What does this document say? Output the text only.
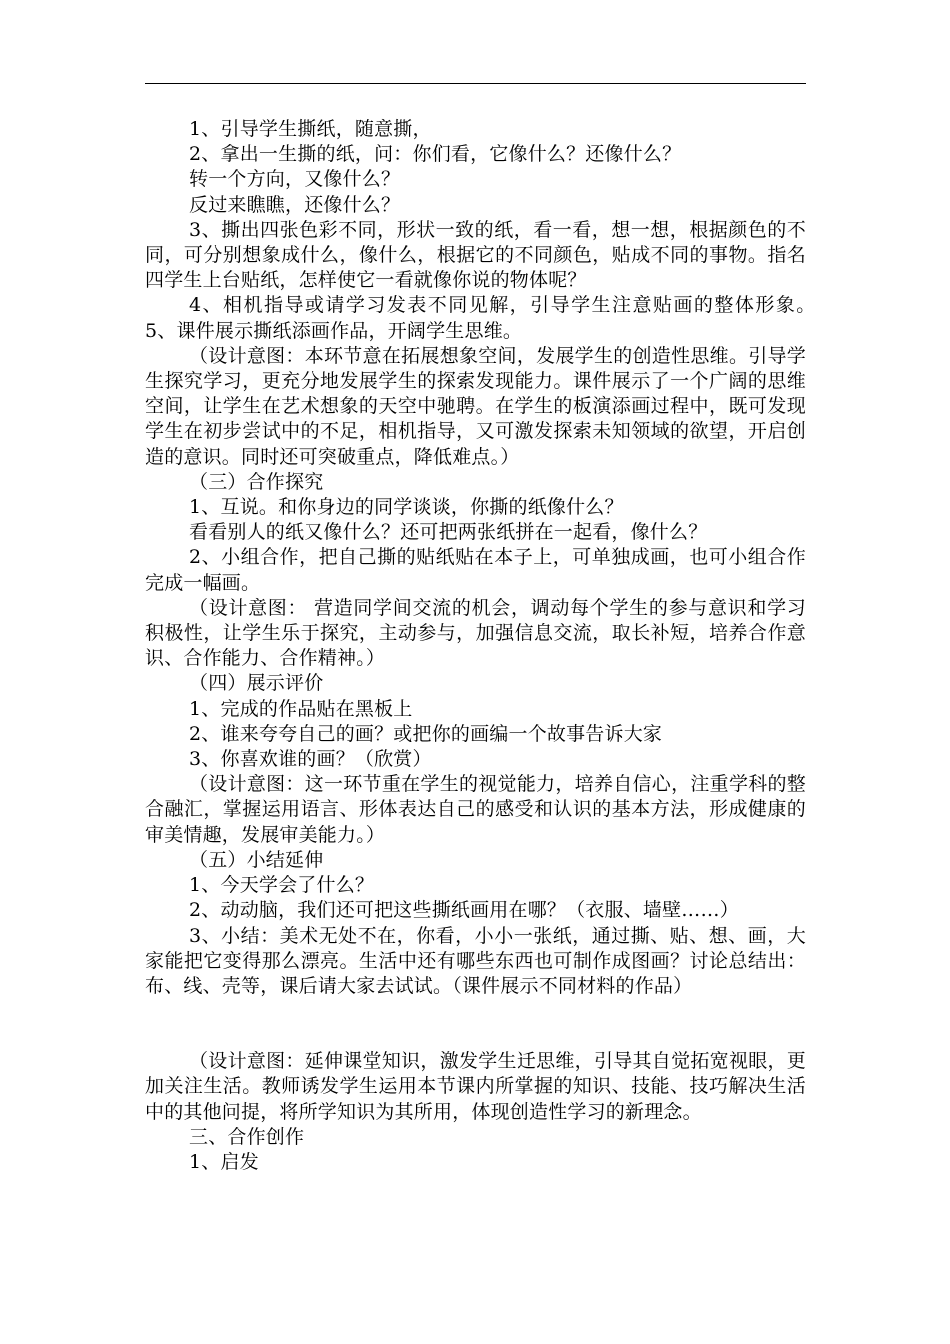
1、引导学生撕纸，随意撕，

2、拿出一生撕的纸，问：你们看，它像什么？还像什么？

转一个方向，又像什么？

反过来瞧瞧，还像什么？

3、撕出四张色彩不同，形状一致的纸，看一看，想一想，根据颜色的不同，可分别想象成什么，像什么，根据它的不同颜色，贴成不同的事物。指名四学生上台贴纸，怎样使它一看就像你说的物体呢？

4、相机指导或请学习发表不同见解，引导学生注意贴画的整体形象。　　5、课件展示撕纸添画作品，开阔学生思维。

（设计意图：本环节意在拓展想象空间，发展学生的创造性思维。引导学生探究学习，更充分地发展学生的探索发现能力。课件展示了一个广阔的思维空间，让学生在艺术想象的天空中驰聘。在学生的板演添画过程中，既可发现学生在初步尝试中的不足，相机指导，又可激发探索未知领域的欲望，开启创造的意识。同时还可突破重点，降低难点。）

（三）合作探究

1、互说。和你身边的同学谈谈，你撕的纸像什么？

看看别人的纸又像什么？还可把两张纸拼在一起看，像什么？

2、小组合作，把自己撕的贴纸贴在本子上，可单独成画，也可小组合作完成一幅画。

（设计意图： 营造同学间交流的机会，调动每个学生的参与意识和学习积极性，让学生乐于探究，主动参与，加强信息交流，取长补短，培养合作意识、合作能力、合作精神。）

（四）展示评价

1、完成的作品贴在黑板上

2、谁来夸夸自己的画？或把你的画编一个故事告诉大家

3、你喜欢谁的画？（欣赏）

（设计意图：这一环节重在学生的视觉能力，培养自信心，注重学科的整合融汇，掌握运用语言、形体表达自己的感受和认识的基本方法，形成健康的审美情趣，发展审美能力。）

（五）小结延伸

1、今天学会了什么？

2、动动脑，我们还可把这些撕纸画用在哪？（衣服、墙壁……）

3、小结：美术无处不在，你看，小小一张纸，通过撕、贴、想、画，大家能把它变得那么漂亮。生活中还有哪些东西也可制作成图画？讨论总结出：布、线、壳等，课后请大家去试试。（课件展示不同材料的作品）

（设计意图：延伸课堂知识，激发学生迁思维，引导其自觉拓宽视眼，更加关注生活。教师诱发学生运用本节课内所掌握的知识、技能、技巧解决生活中的其他问提，将所学知识为其所用，体现创造性学习的新理念。

三、合作创作

1、启发
